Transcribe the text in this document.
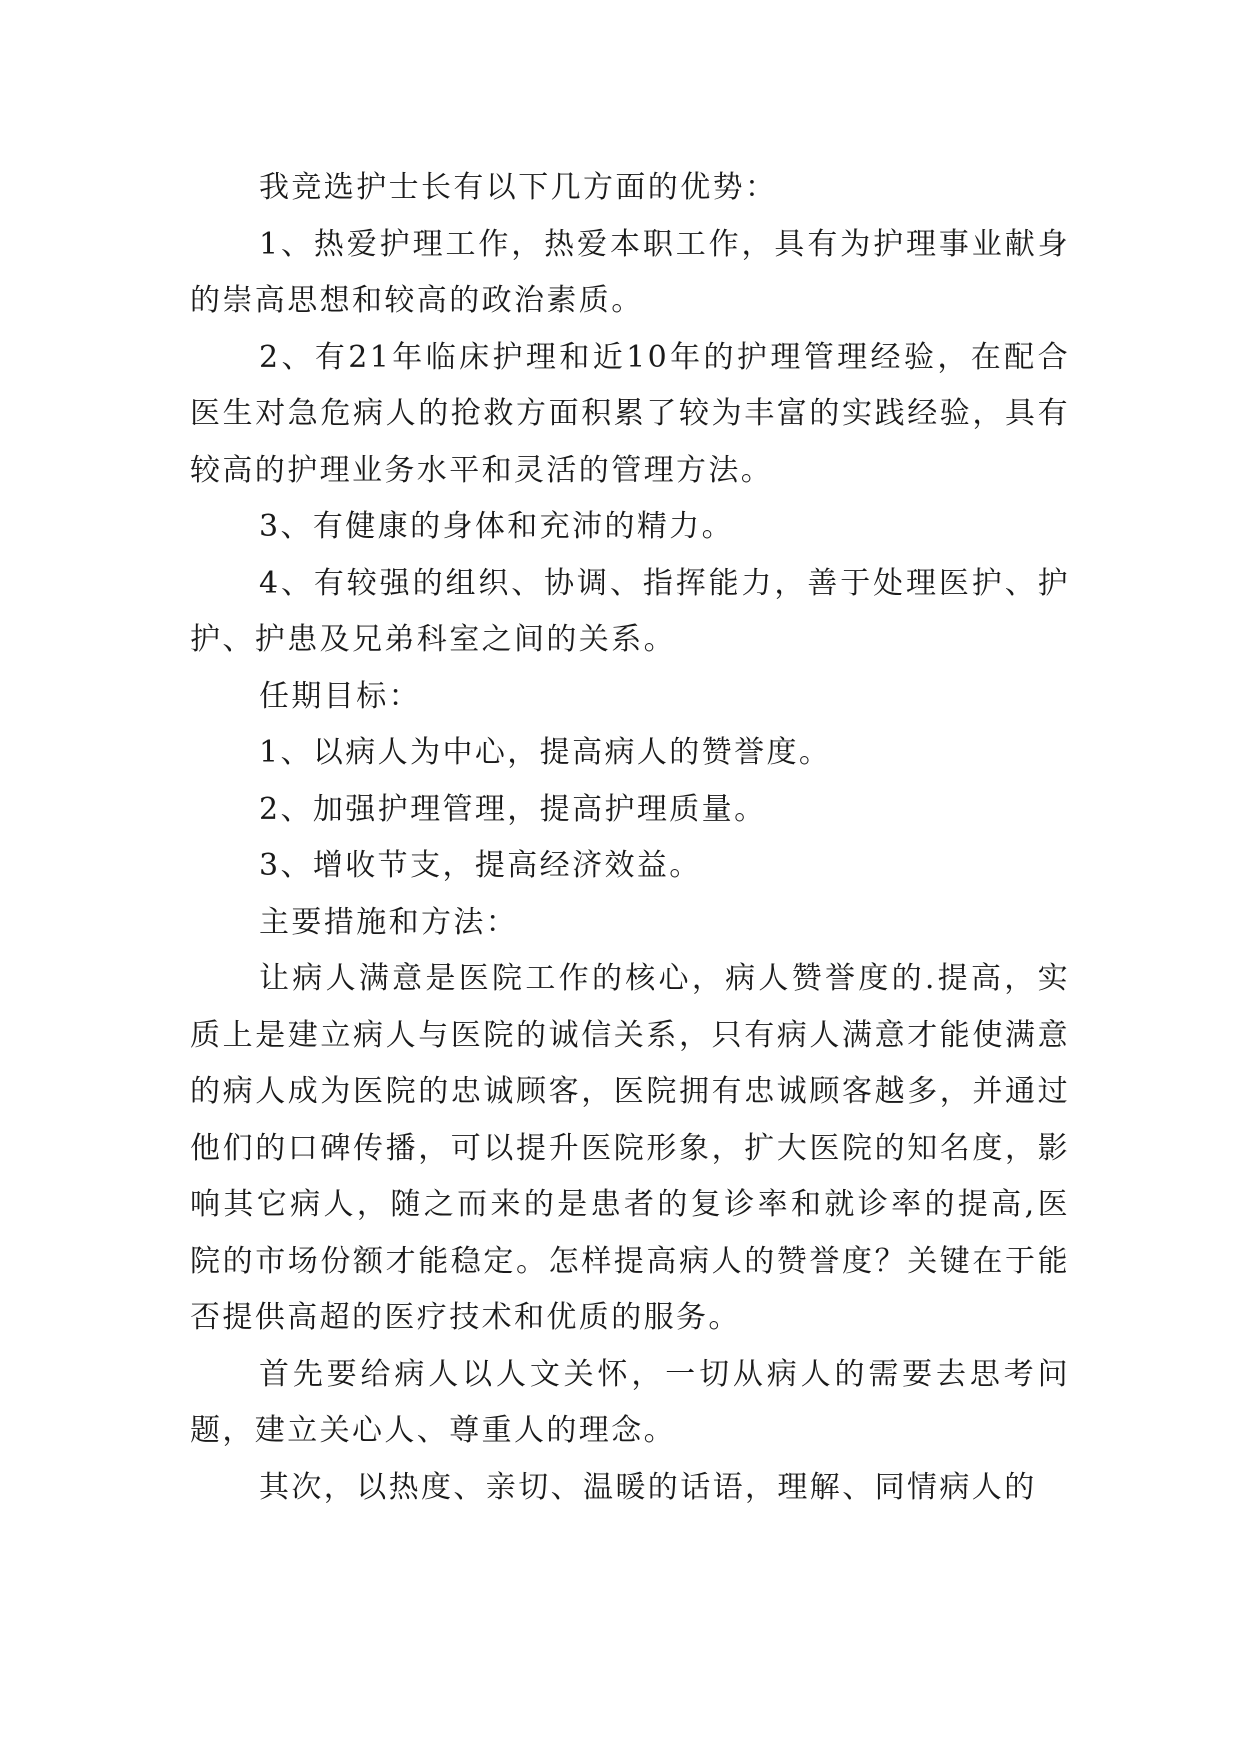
我竞选护士长有以下几方面的优势：

1、热爱护理工作，热爱本职工作，具有为护理事业献身的崇高思想和较高的政治素质。

2、有21年临床护理和近10年的护理管理经验，在配合医生对急危病人的抢救方面积累了较为丰富的实践经验，具有较高的护理业务水平和灵活的管理方法。

3、有健康的身体和充沛的精力。

4、有较强的组织、协调、指挥能力，善于处理医护、护护、护患及兄弟科室之间的关系。

任期目标：

1、以病人为中心，提高病人的赞誉度。

2、加强护理管理，提高护理质量。

3、增收节支，提高经济效益。

主要措施和方法：

让病人满意是医院工作的核心，病人赞誉度的.提高，实质上是建立病人与医院的诚信关系，只有病人满意才能使满意的病人成为医院的忠诚顾客，医院拥有忠诚顾客越多，并通过他们的口碑传播，可以提升医院形象，扩大医院的知名度，影响其它病人，随之而来的是患者的复诊率和就诊率的提高,医院的市场份额才能稳定。怎样提高病人的赞誉度？关键在于能否提供高超的医疗技术和优质的服务。

首先要给病人以人文关怀，一切从病人的需要去思考问题，建立关心人、尊重人的理念。

其次，以热度、亲切、温暖的话语，理解、同情病人的
